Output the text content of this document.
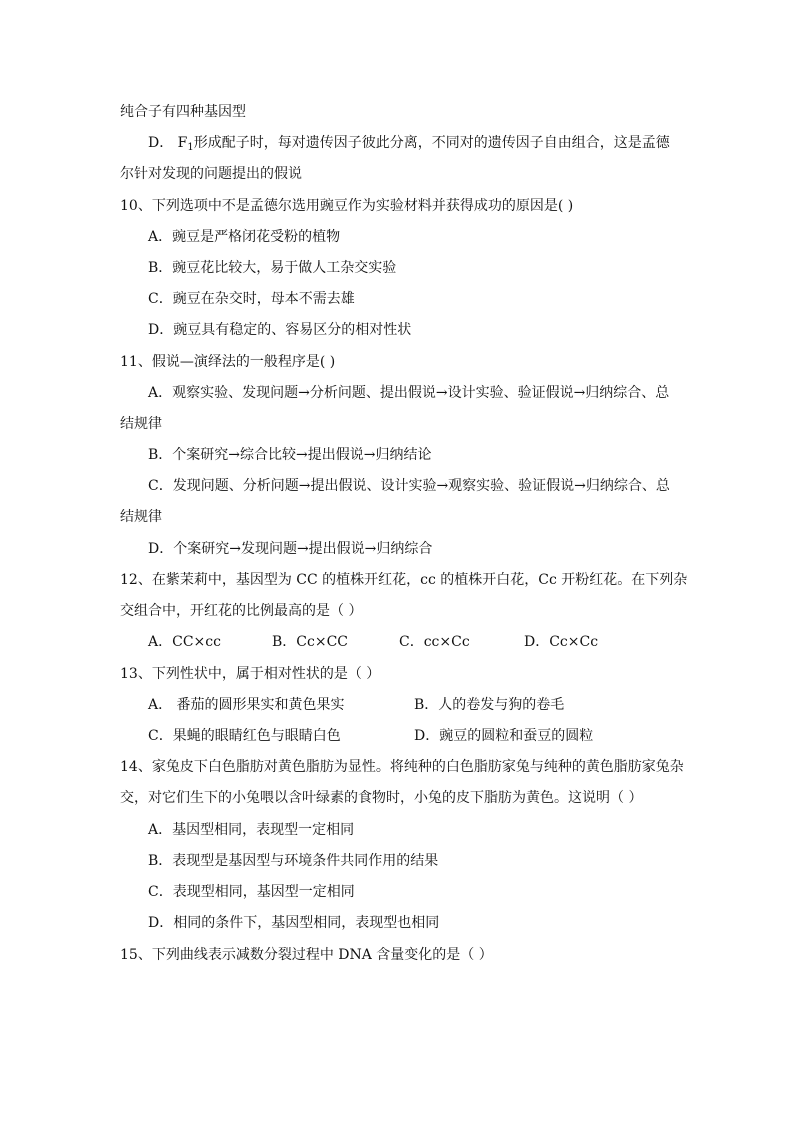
纯合子有四种基因型
D． $F_1$形成配子时，每对遗传因子彼此分离，不同对的遗传因子自由组合，这是孟德
尔针对发现的问题提出的假说
10、下列选项中不是孟德尔选用豌豆作为实验材料并获得成功的原因是( )
A．豌豆是严格闭花受粉的植物
B．豌豆花比较大，易于做人工杂交实验
C．豌豆在杂交时，母本不需去雄
D．豌豆具有稳定的、容易区分的相对性状
11、假说—演绎法的一般程序是( )
A．观察实验、发现问题→分析问题、提出假说→设计实验、验证假说→归纳综合、总
结规律
B．个案研究→综合比较→提出假说→归纳结论
C．发现问题、分析问题→提出假说、设计实验→观察实验、验证假说→归纳综合、总
结规律
D．个案研究→发现问题→提出假说→归纳综合
12、在紫茉莉中，基因型为 CC 的植株开红花，cc 的植株开白花，Cc 开粉红花。在下列杂
交组合中，开红花的比例最高的是（ ）
A．CC×cc	B．Cc×CC	C．cc×Cc	D．Cc×Cc
13、下列性状中，属于相对性状的是（ ）
A． 番茄的圆形果实和黄色果实	B．人的卷发与狗的卷毛
C．果蝇的眼睛红色与眼睛白色	D．豌豆的圆粒和蚕豆的圆粒
14、家兔皮下白色脂肪对黄色脂肪为显性。将纯种的白色脂肪家兔与纯种的黄色脂肪家兔杂
交，对它们生下的小兔喂以含叶绿素的食物时，小兔的皮下脂肪为黄色。这说明（ ）
A．基因型相同，表现型一定相同
B．表现型是基因型与环境条件共同作用的结果
C．表现型相同，基因型一定相同
D．相同的条件下，基因型相同，表现型也相同
15、下列曲线表示减数分裂过程中 DNA 含量变化的是（ ）
